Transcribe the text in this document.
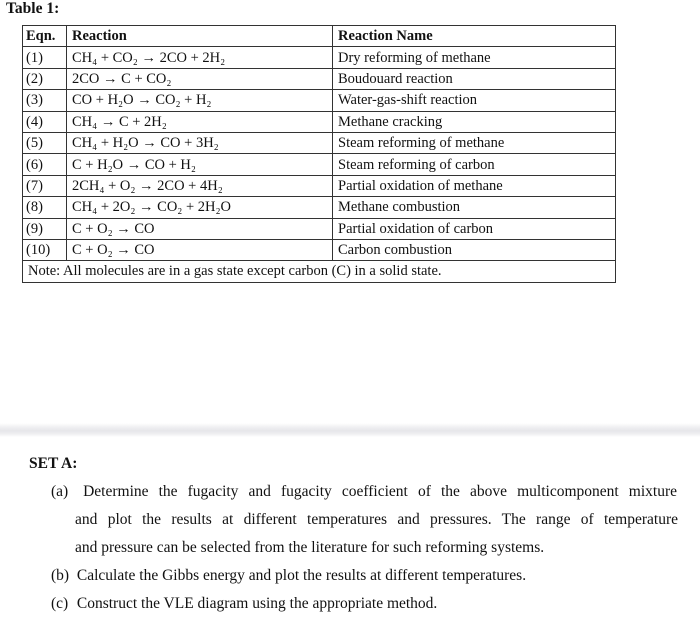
Table 1:
Eqn.	Reaction	Reaction Name
(1)	CH₄ + CO₂ → 2CO + 2H₂	Dry reforming of methane
(2)	2CO → C + CO₂	Boudouard reaction
(3)	CO + H₂O → CO₂ + H₂	Water-gas-shift reaction
(4)	CH₄ → C + 2H₂	Methane cracking
(5)	CH₄ + H₂O → CO + 3H₂	Steam reforming of methane
(6)	C + H₂O → CO + H₂	Steam reforming of carbon
(7)	2CH₄ + O₂ → 2CO + 4H₂	Partial oxidation of methane
(8)	CH₄ + 2O₂ → CO₂ + 2H₂O	Methane combustion
(9)	C + O₂ → CO	Partial oxidation of carbon
(10)	C + O₂ → CO	Carbon combustion
Note: All molecules are in a gas state except carbon (C) in a solid state.		
SET A:
(a) Determine the fugacity and fugacity coefficient of the above multicomponent mixture
and plot the results at different temperatures and pressures. The range of temperature
and pressure can be selected from the literature for such reforming systems.
(b) Calculate the Gibbs energy and plot the results at different temperatures.
(c) Construct the VLE diagram using the appropriate method.
